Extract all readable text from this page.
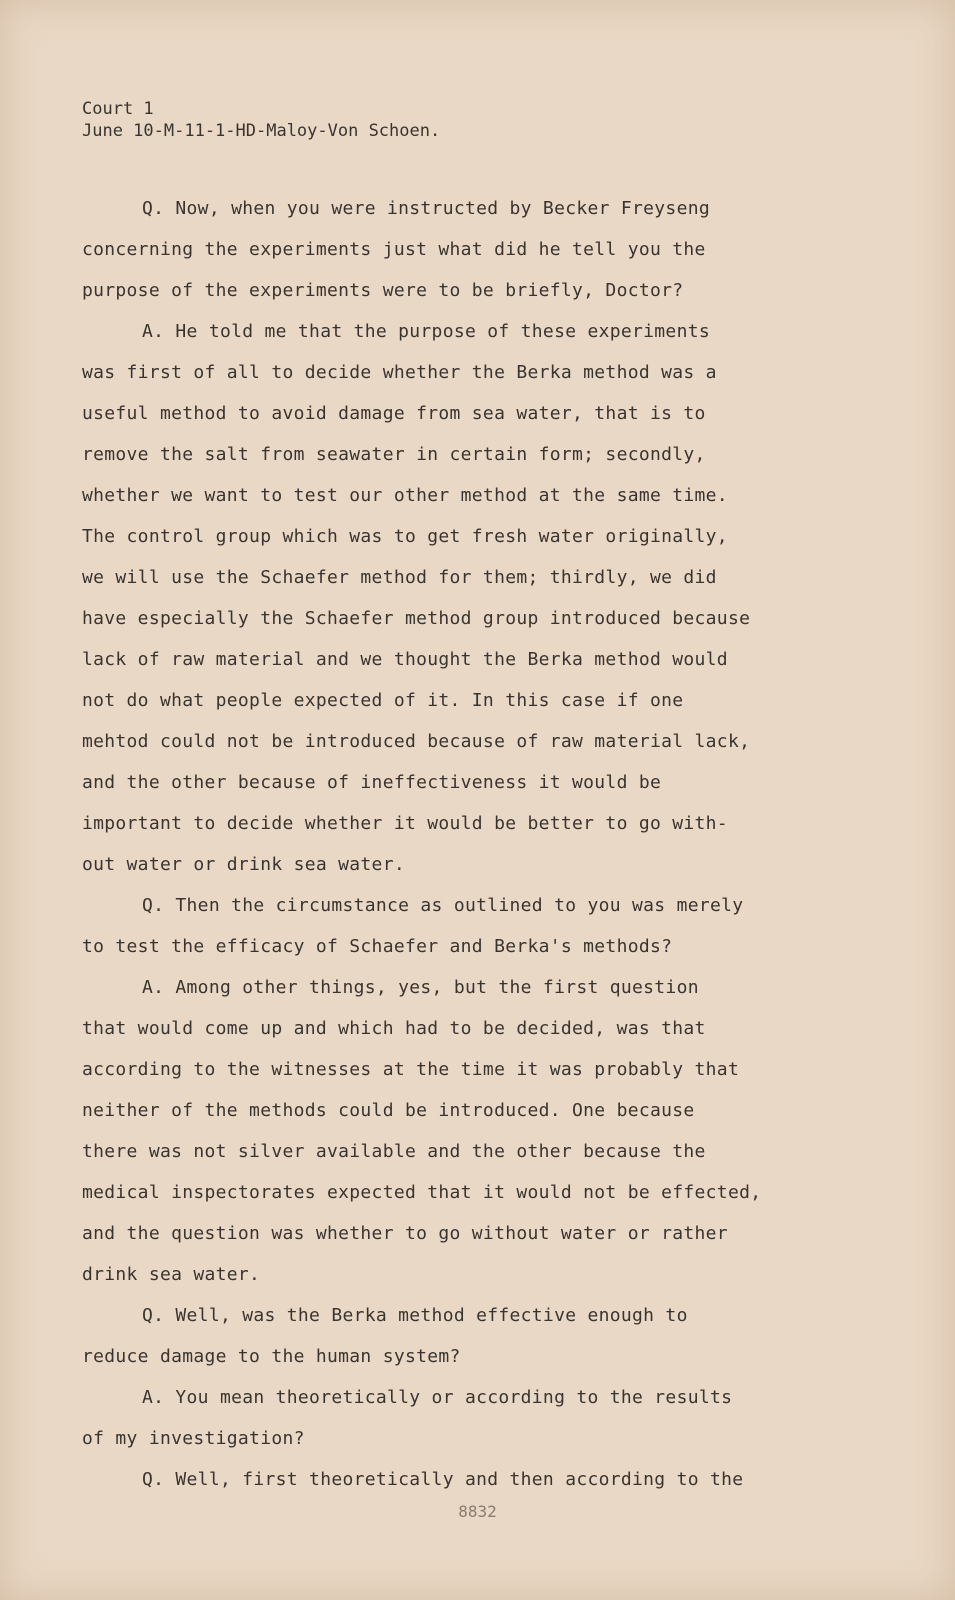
Court 1
June 10-M-11-1-HD-Maloy-Von Schoen.
Q. Now, when you were instructed by Becker Freyseng
concerning the experiments just what did he tell you the
purpose of the experiments were to be briefly, Doctor?
A. He told me that the purpose of these experiments
was first of all to decide whether the Berka method was a
useful method to avoid damage from sea water, that is to
remove the salt from seawater in certain form; secondly,
whether we want to test our other method at the same time.
The control group which was to get fresh water originally,
we will use the Schaefer method for them; thirdly, we did
have especially the Schaefer method group introduced because
lack of raw material and we thought the Berka method would
not do what people expected of it. In this case if one
mehtod could not be introduced because of raw material lack,
and the other because of ineffectiveness it would be
important to decide whether it would be better to go with-
out water or drink sea water.
Q. Then the circumstance as outlined to you was merely
to test the efficacy of Schaefer and Berka's methods?
A. Among other things, yes, but the first question
that would come up and which had to be decided, was that
according to the witnesses at the time it was probably that
neither of the methods could be introduced. One because
there was not silver available and the other because the
medical inspectorates expected that it would not be effected,
and the question was whether to go without water or rather
drink sea water.
Q. Well, was the Berka method effective enough to
reduce damage to the human system?
A. You mean theoretically or according to the results
of my investigation?
Q. Well, first theoretically and then according to the
8832
